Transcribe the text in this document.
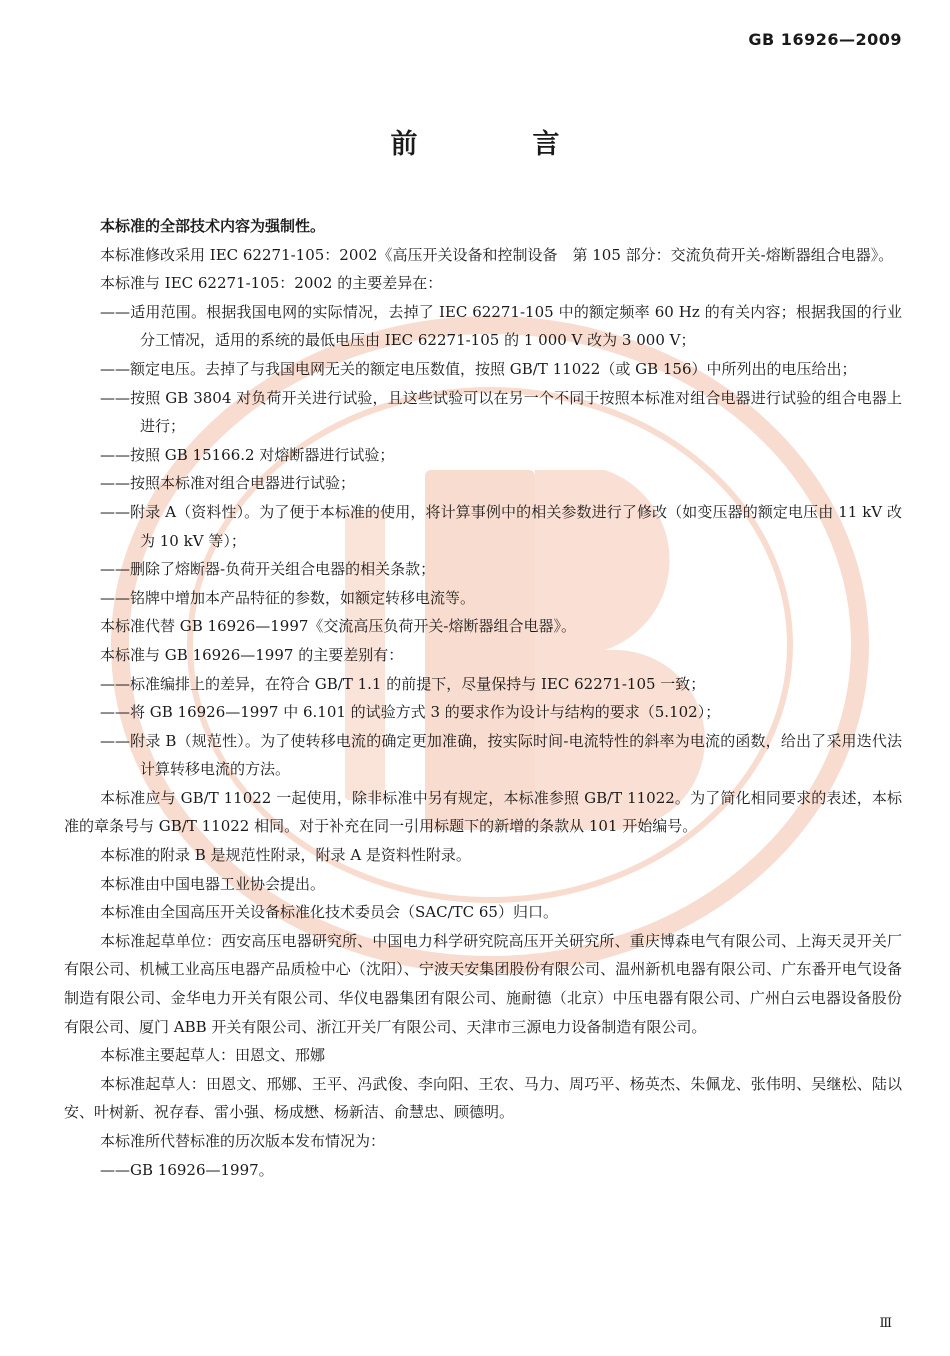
GB 16926—2009
前　言

本标准的全部技术内容为强制性。

本标准修改采用 IEC 62271-105：2002《高压开关设备和控制设备　第 105 部分：交流负荷开关-熔断器组合电器》。

本标准与 IEC 62271-105：2002 的主要差异在：

——适用范围。根据我国电网的实际情况，去掉了 IEC 62271-105 中的额定频率 60 Hz 的有关内容；根据我国的行业分工情况，适用的系统的最低电压由 IEC 62271-105 的 1 000 V 改为 3 000 V；

——额定电压。去掉了与我国电网无关的额定电压数值，按照 GB/T 11022（或 GB 156）中所列出的电压给出；

——按照 GB 3804 对负荷开关进行试验，且这些试验可以在另一个不同于按照本标准对组合电器进行试验的组合电器上进行；

——按照 GB 15166.2 对熔断器进行试验；

——按照本标准对组合电器进行试验；

——附录 A（资料性）。为了便于本标准的使用，将计算事例中的相关参数进行了修改（如变压器的额定电压由 11 kV 改为 10 kV 等）；

——删除了熔断器-负荷开关组合电器的相关条款；

——铭牌中增加本产品特征的参数，如额定转移电流等。

本标准代替 GB 16926—1997《交流高压负荷开关-熔断器组合电器》。

本标准与 GB 16926—1997 的主要差别有：

——标准编排上的差异，在符合 GB/T 1.1 的前提下，尽量保持与 IEC 62271-105 一致；

——将 GB 16926—1997 中 6.101 的试验方式 3 的要求作为设计与结构的要求（5.102）；

——附录 B（规范性）。为了使转移电流的确定更加准确，按实际时间-电流特性的斜率为电流的函数，给出了采用迭代法计算转移电流的方法。

本标准应与 GB/T 11022 一起使用，除非标准中另有规定，本标准参照 GB/T 11022。为了简化相同要求的表述，本标准的章条号与 GB/T 11022 相同。对于补充在同一引用标题下的新增的条款从 101 开始编号。

本标准的附录 B 是规范性附录，附录 A 是资料性附录。

本标准由中国电器工业协会提出。

本标准由全国高压开关设备标准化技术委员会（SAC/TC 65）归口。

本标准起草单位：西安高压电器研究所、中国电力科学研究院高压开关研究所、重庆博森电气有限公司、上海天灵开关厂有限公司、机械工业高压电器产品质检中心（沈阳）、宁波天安集团股份有限公司、温州新机电器有限公司、广东番开电气设备制造有限公司、金华电力开关有限公司、华仪电器集团有限公司、施耐德（北京）中压电器有限公司、广州白云电器设备股份有限公司、厦门 ABB 开关有限公司、浙江开关厂有限公司、天津市三源电力设备制造有限公司。

本标准主要起草人：田恩文、邢娜

本标准起草人：田恩文、邢娜、王平、冯武俊、李向阳、王农、马力、周巧平、杨英杰、朱佩龙、张伟明、吴继松、陆以安、叶树新、祝存春、雷小强、杨成懋、杨新洁、俞慧忠、顾德明。

本标准所代替标准的历次版本发布情况为：

——GB 16926—1997。

Ⅲ
